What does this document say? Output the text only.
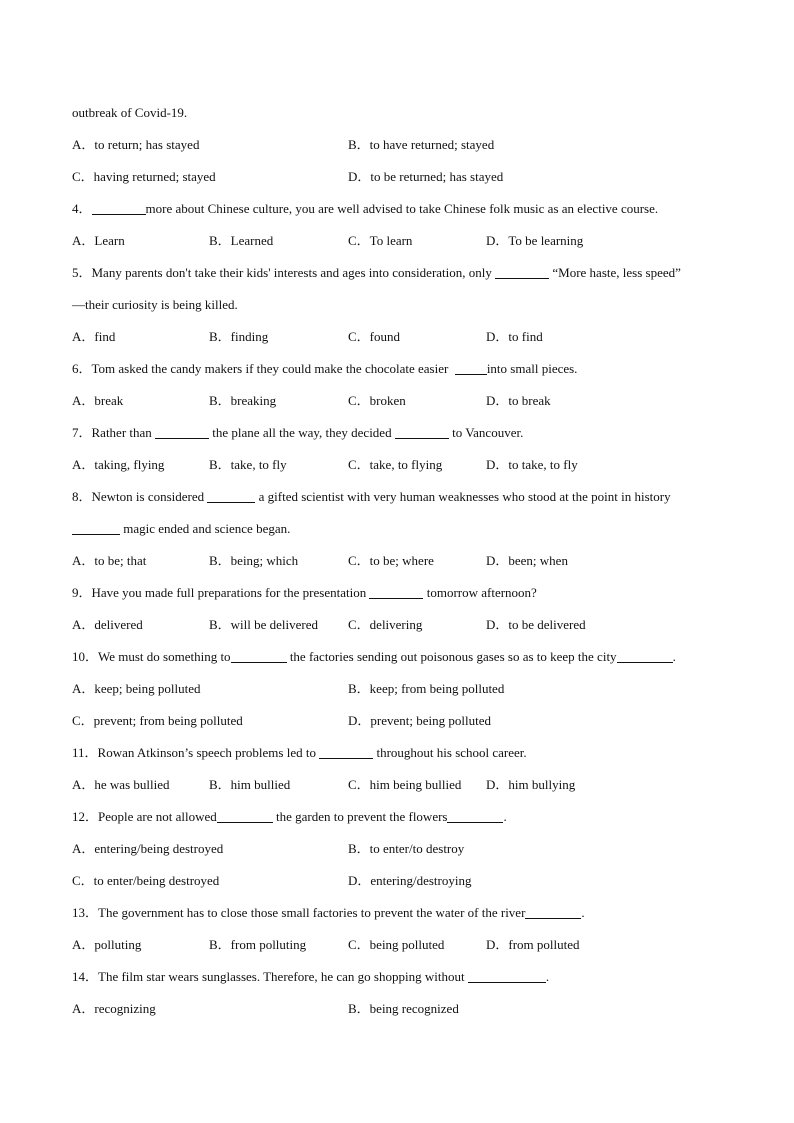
outbreak of Covid-19.
A．to return; has stayed	B．to have returned; stayed
C．having returned; stayed	D．to be returned; has stayed
4．	more about Chinese culture, you are well advised to take Chinese folk music as an elective course.
A．Learn	B．Learned	C．To learn	D．To be learning
5．Many parents don't take their kids' interests and ages into consideration, only	“More haste, less speed”
—their curiosity is being killed.
A．find	B．finding	C．found	D．to find
6．Tom asked the candy makers if they could make the chocolate easier	into small pieces.
A．break	B．breaking	C．broken	D．to break
7．Rather than	the plane all the way, they decided	to Vancouver.
A．taking, flying	B．take, to fly	C．take, to flying	D．to take, to fly
8．Newton is considered	a gifted scientist with very human weaknesses who stood at the point in history
magic ended and science began.
A．to be; that	B．being; which	C．to be; where	D．been; when
9．Have you made full preparations for the presentation	tomorrow afternoon?
A．delivered	B．will be delivered C．delivering	D．to be delivered
10．We must do something to	the factories sending out poisonous gases so as to keep the city	.
A．keep; being polluted	B．keep; from being polluted
C．prevent; from being polluted	D．prevent; being polluted
11．Rowan Atkinson’s speech problems led to	throughout his school career.
A．he was bullied	B．him bullied	C．him being bullied D．him bullying
12．People are not allowed	the garden to prevent the flowers	.
A．entering/being destroyed	B．to enter/to destroy
C．to enter/being destroyed	D．entering/destroying
13．The government has to close those small factories to prevent the water of the river	.
A．polluting	B．from polluting	C．being polluted	D．from polluted
14．The film star wears sunglasses. Therefore, he can go shopping without	.
A．recognizing	B．being recognized
